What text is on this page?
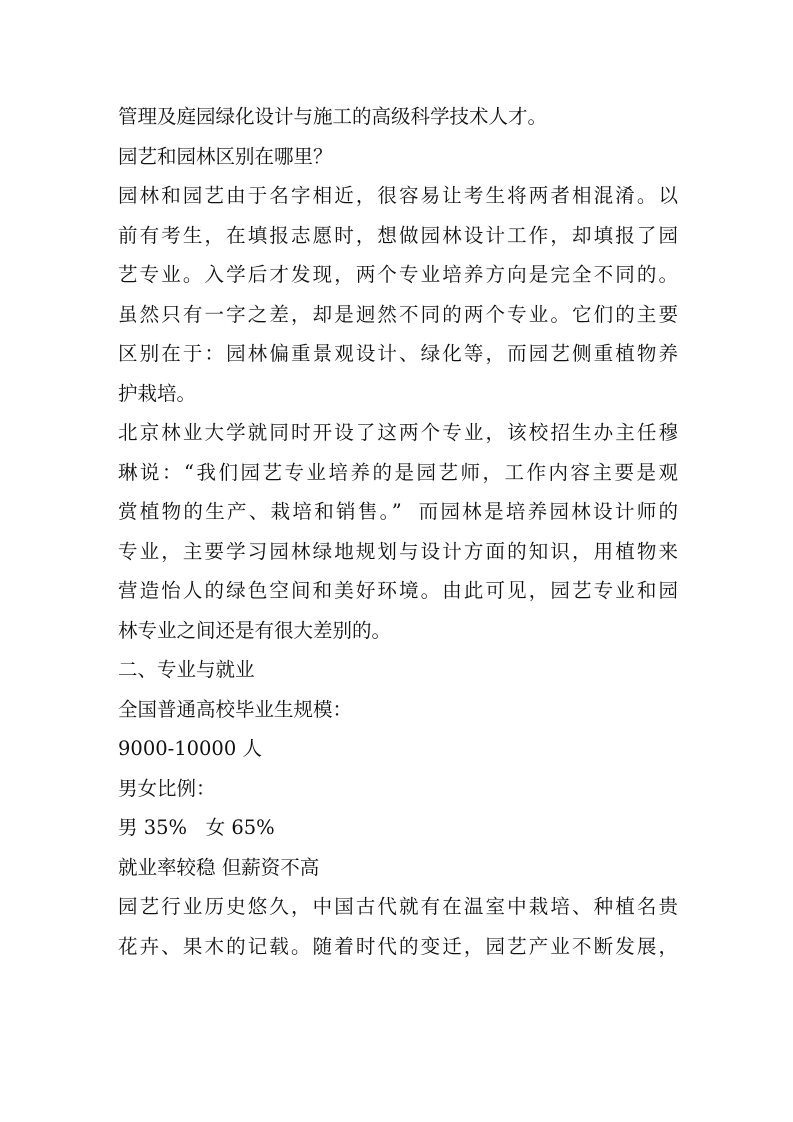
管理及庭园绿化设计与施工的高级科学技术人才。
园艺和园林区别在哪里？
园林和园艺由于名字相近，很容易让考生将两者相混淆。以
前有考生，在填报志愿时，想做园林设计工作，却填报了园
艺专业。入学后才发现，两个专业培养方向是完全不同的。
虽然只有一字之差，却是迥然不同的两个专业。它们的主要
区别在于：园林偏重景观设计、绿化等，而园艺侧重植物养
护栽培。
北京林业大学就同时开设了这两个专业，该校招生办主任穆
琳说：“我们园艺专业培养的是园艺师，工作内容主要是观
赏植物的生产、栽培和销售。”  而园林是培养园林设计师的
专业，主要学习园林绿地规划与设计方面的知识，用植物来
营造怡人的绿色空间和美好环境。由此可见，园艺专业和园
林专业之间还是有很大差别的。
二、专业与就业
全国普通高校毕业生规模：
9000-10000 人
男女比例：
男 35%   女 65%
就业率较稳 但薪资不高
园艺行业历史悠久，中国古代就有在温室中栽培、种植名贵
花卉、果木的记载。随着时代的变迁，园艺产业不断发展，
